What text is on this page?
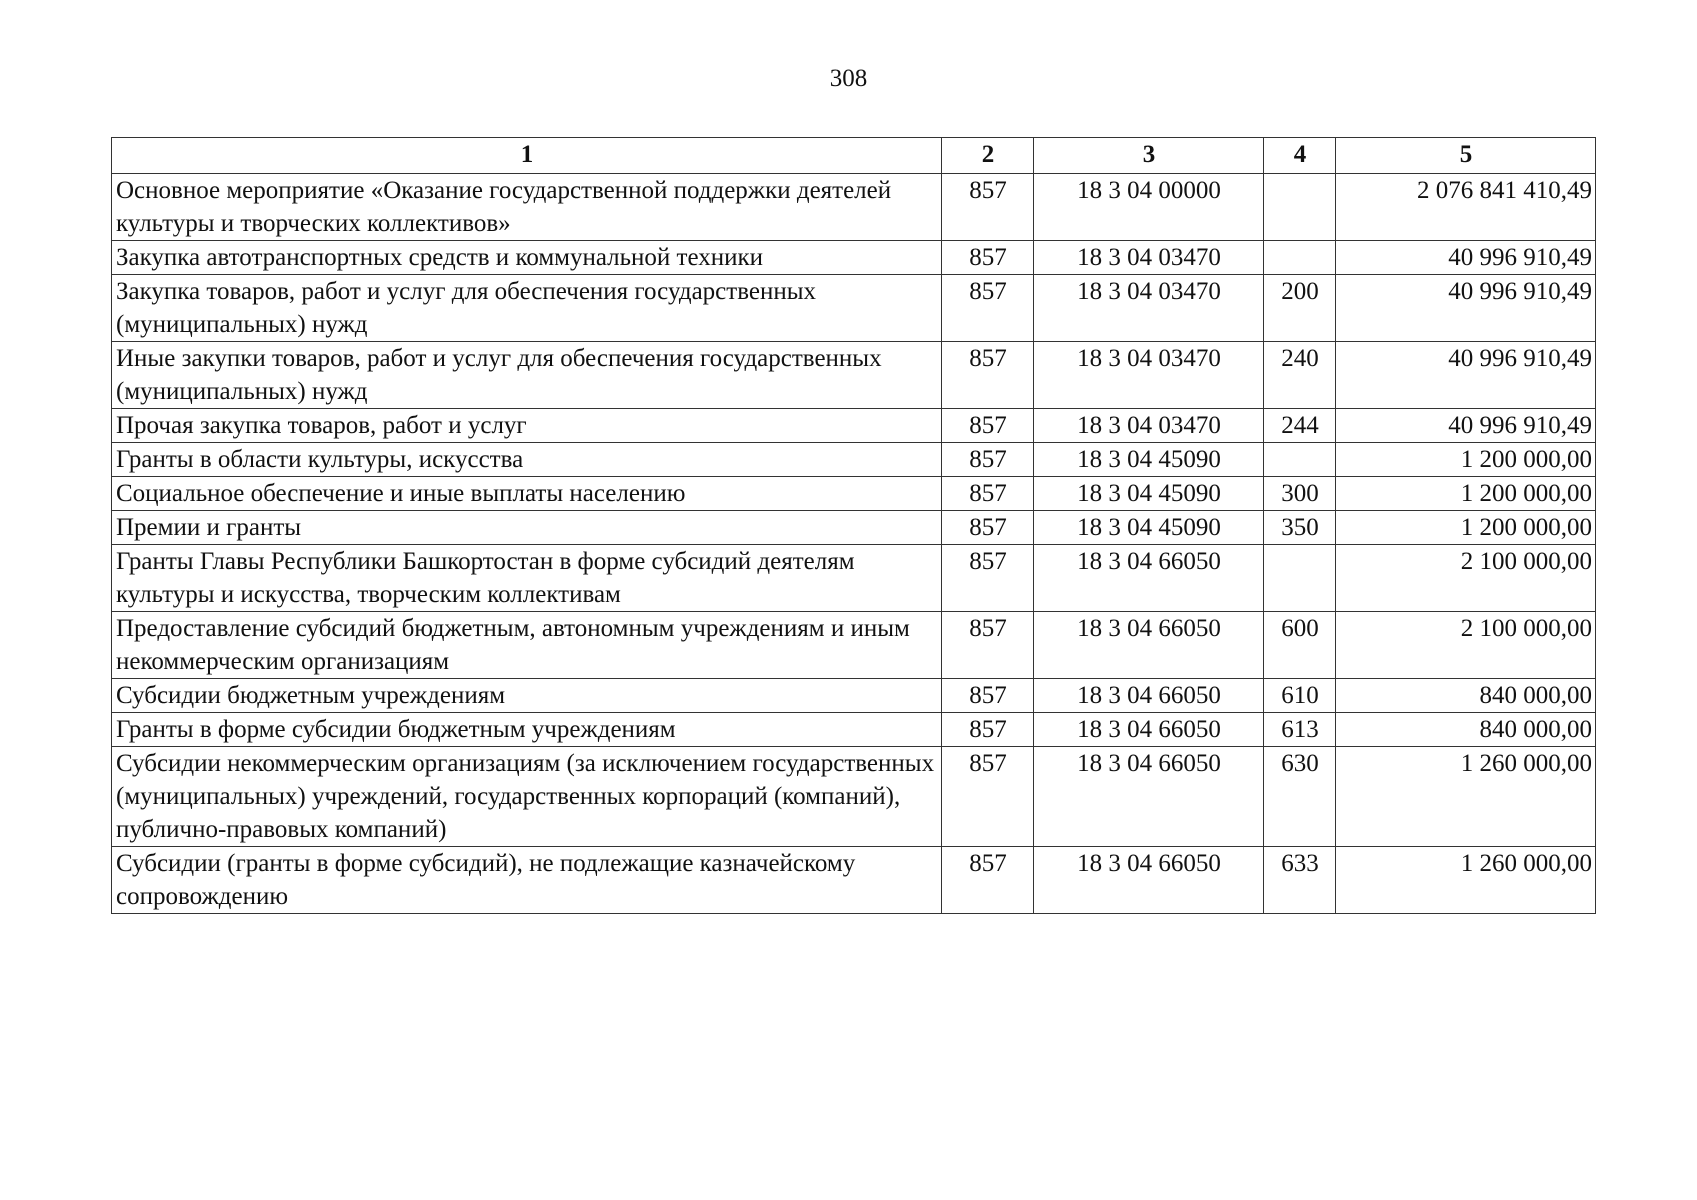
308
1	2	3	4	5
Основное мероприятие «Оказание государственной поддержки деятелей культуры и творческих коллективов»	857	18 3 04 00000		2 076 841 410,49
Закупка автотранспортных средств и коммунальной техники	857	18 3 04 03470		40 996 910,49
Закупка товаров, работ и услуг для обеспечения государственных (муниципальных) нужд	857	18 3 04 03470	200	40 996 910,49
Иные закупки товаров, работ и услуг для обеспечения государственных (муниципальных) нужд	857	18 3 04 03470	240	40 996 910,49
Прочая закупка товаров, работ и услуг	857	18 3 04 03470	244	40 996 910,49
Гранты в области культуры, искусства	857	18 3 04 45090		1 200 000,00
Социальное обеспечение и иные выплаты населению	857	18 3 04 45090	300	1 200 000,00
Премии и гранты	857	18 3 04 45090	350	1 200 000,00
Гранты Главы Республики Башкортостан в форме субсидий деятелям культуры и искусства, творческим коллективам	857	18 3 04 66050		2 100 000,00
Предоставление субсидий бюджетным, автономным учреждениям и иным некоммерческим организациям	857	18 3 04 66050	600	2 100 000,00
Субсидии бюджетным учреждениям	857	18 3 04 66050	610	840 000,00
Гранты в форме субсидии бюджетным учреждениям	857	18 3 04 66050	613	840 000,00
Субсидии некоммерческим организациям (за исключением государственных (муниципальных) учреждений, государственных корпораций (компаний), публично-правовых компаний)	857	18 3 04 66050	630	1 260 000,00
Субсидии (гранты в форме субсидий), не подлежащие казначейскому сопровождению	857	18 3 04 66050	633	1 260 000,00
